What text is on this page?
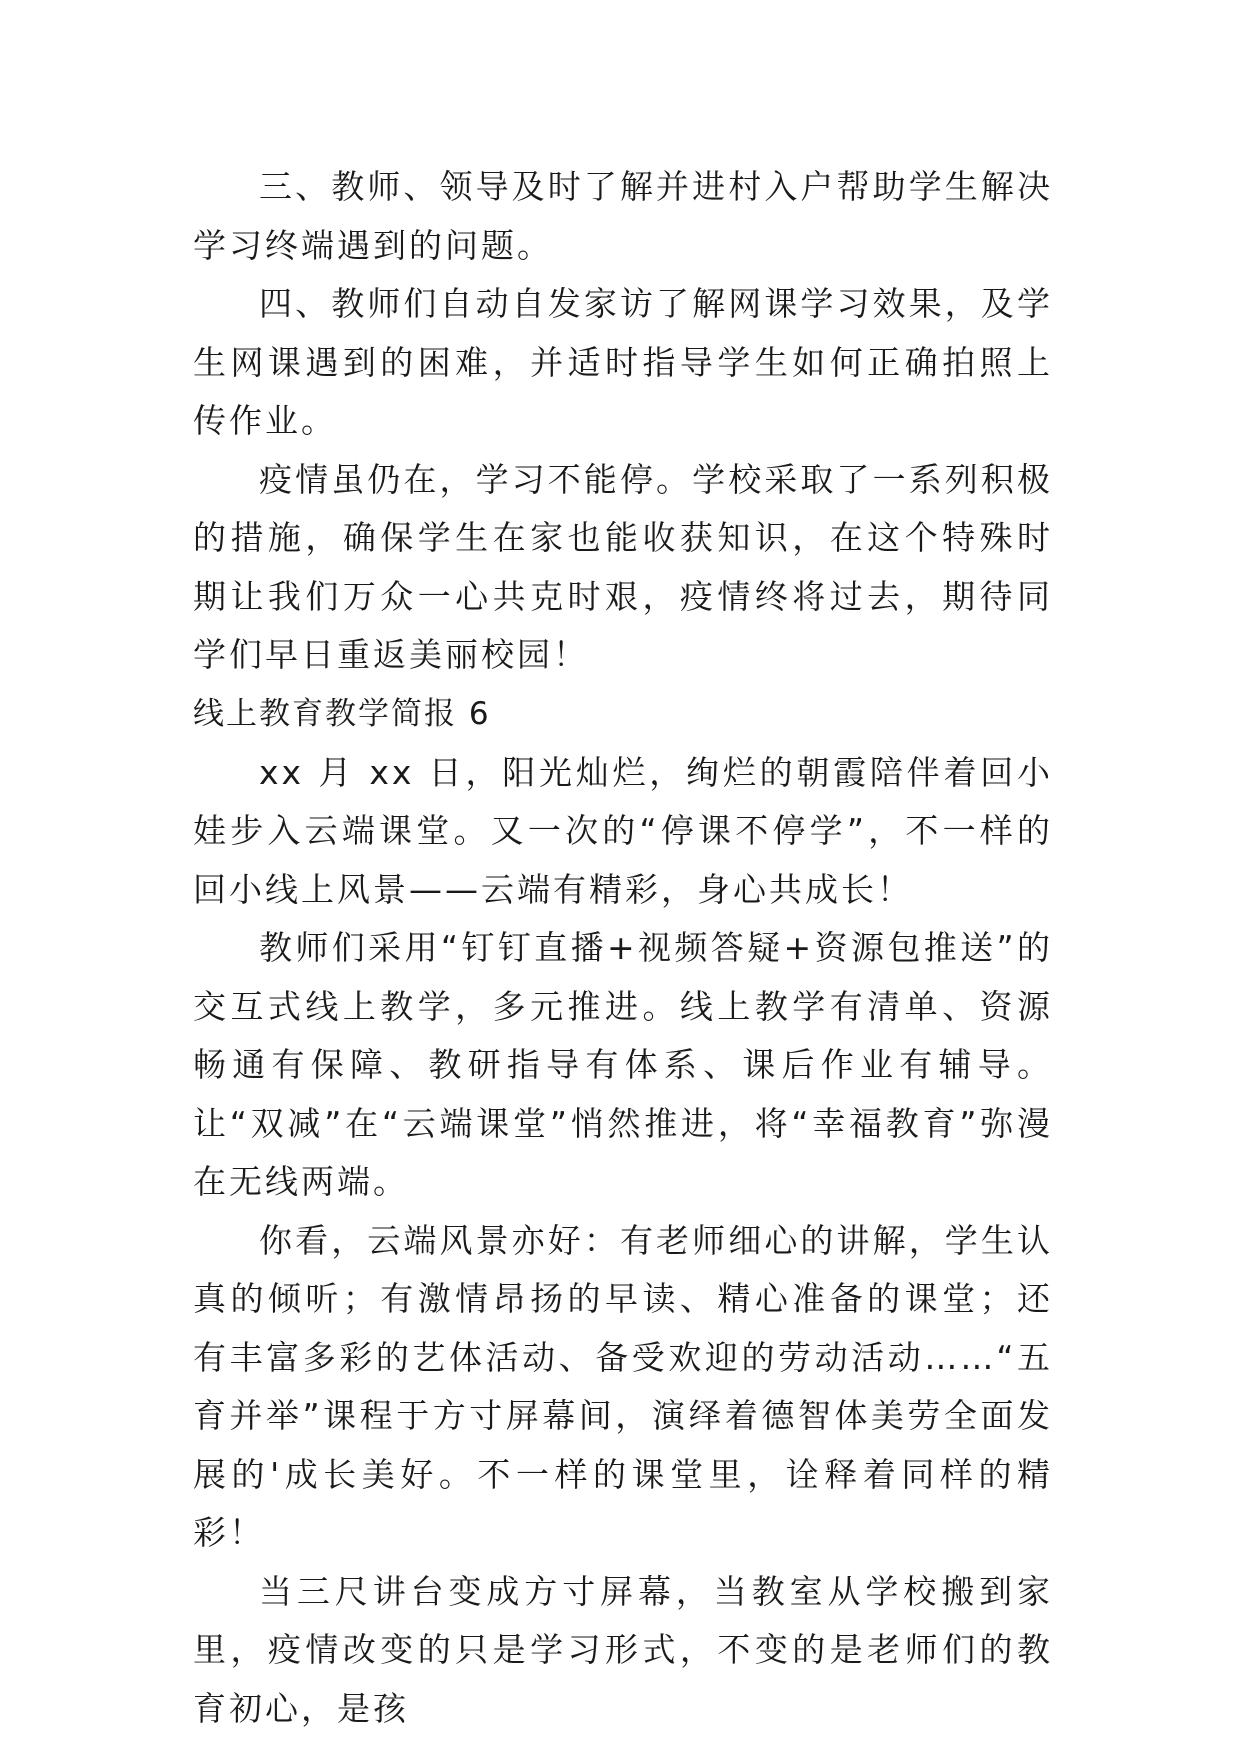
三、教师、领导及时了解并进村入户帮助学生解决学习终端遇到的问题。

四、教师们自动自发家访了解网课学习效果，及学生网课遇到的困难，并适时指导学生如何正确拍照上传作业。

疫情虽仍在，学习不能停。学校采取了一系列积极的措施，确保学生在家也能收获知识，在这个特殊时期让我们万众一心共克时艰，疫情终将过去，期待同学们早日重返美丽校园！

线上教育教学简报 6

xx 月 xx 日，阳光灿烂，绚烂的朝霞陪伴着回小娃步入云端课堂。又一次的“停课不停学”，不一样的回小线上风景——云端有精彩，身心共成长！

教师们采用“钉钉直播+视频答疑+资源包推送”的交互式线上教学，多元推进。线上教学有清单、资源畅通有保障、教研指导有体系、课后作业有辅导。让“双减”在“云端课堂”悄然推进，将“幸福教育”弥漫在无线两端。

你看，云端风景亦好：有老师细心的讲解，学生认真的倾听；有激情昂扬的早读、精心准备的课堂；还有丰富多彩的艺体活动、备受欢迎的劳动活动……“五育并举”课程于方寸屏幕间，演绎着德智体美劳全面发展的'成长美好。不一样的课堂里，诠释着同样的精彩！

当三尺讲台变成方寸屏幕，当教室从学校搬到家里，疫情改变的只是学习形式，不变的是老师们的教育初心，是孩
